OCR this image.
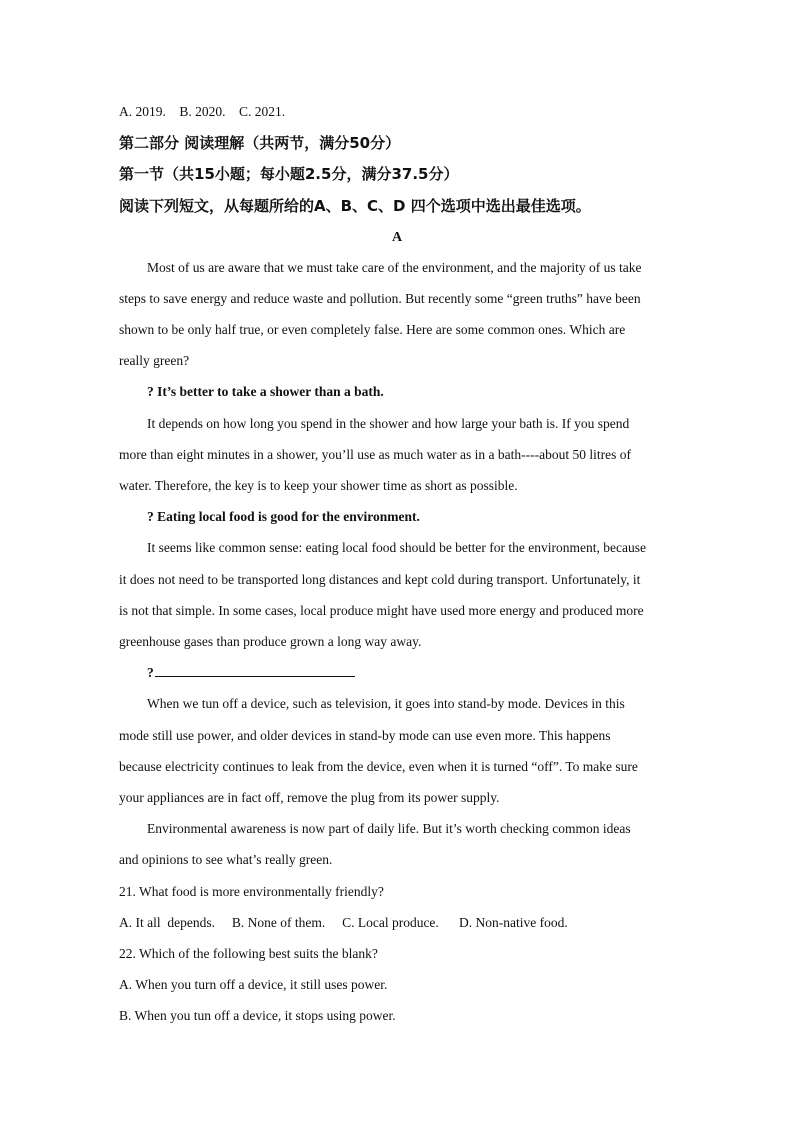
A. 2019.    B. 2020.    C. 2021.
第二部分 阅读理解（共两节，满分50分）
第一节（共15小题；每小题2.5分，满分37.5分）
阅读下列短文，从每题所给的A、B、C、D 四个选项中选出最佳选项。
A
Most of us are aware that we must take care of the environment, and the majority of us take
steps to save energy and reduce waste and pollution. But recently some “green truths” have been
shown to be only half true, or even completely false. Here are some common ones. Which are
really green?
? It’s better to take a shower than a bath.
It depends on how long you spend in the shower and how large your bath is. If you spend
more than eight minutes in a shower, you’ll use as much water as in a bath----about 50 litres of
water. Therefore, the key is to keep your shower time as short as possible.
? Eating local food is good for the environment.
It seems like common sense: eating local food should be better for the environment, because
it does not need to be transported long distances and kept cold during transport. Unfortunately, it
is not that simple. In some cases, local produce might have used more energy and produced more
greenhouse gases than produce grown a long way away.
?
When we tun off a device, such as television, it goes into stand-by mode. Devices in this
mode still use power, and older devices in stand-by mode can use even more. This happens
because electricity continues to leak from the device, even when it is turned “off”. To make sure
your appliances are in fact off, remove the plug from its power supply.
Environmental awareness is now part of daily life. But it’s worth checking common ideas
and opinions to see what’s really green.
21. What food is more environmentally friendly?
A. It all  depends.     B. None of them.     C. Local produce.      D. Non-native food.
22. Which of the following best suits the blank?
A. When you turn off a device, it still uses power.
B. When you tun off a device, it stops using power.
